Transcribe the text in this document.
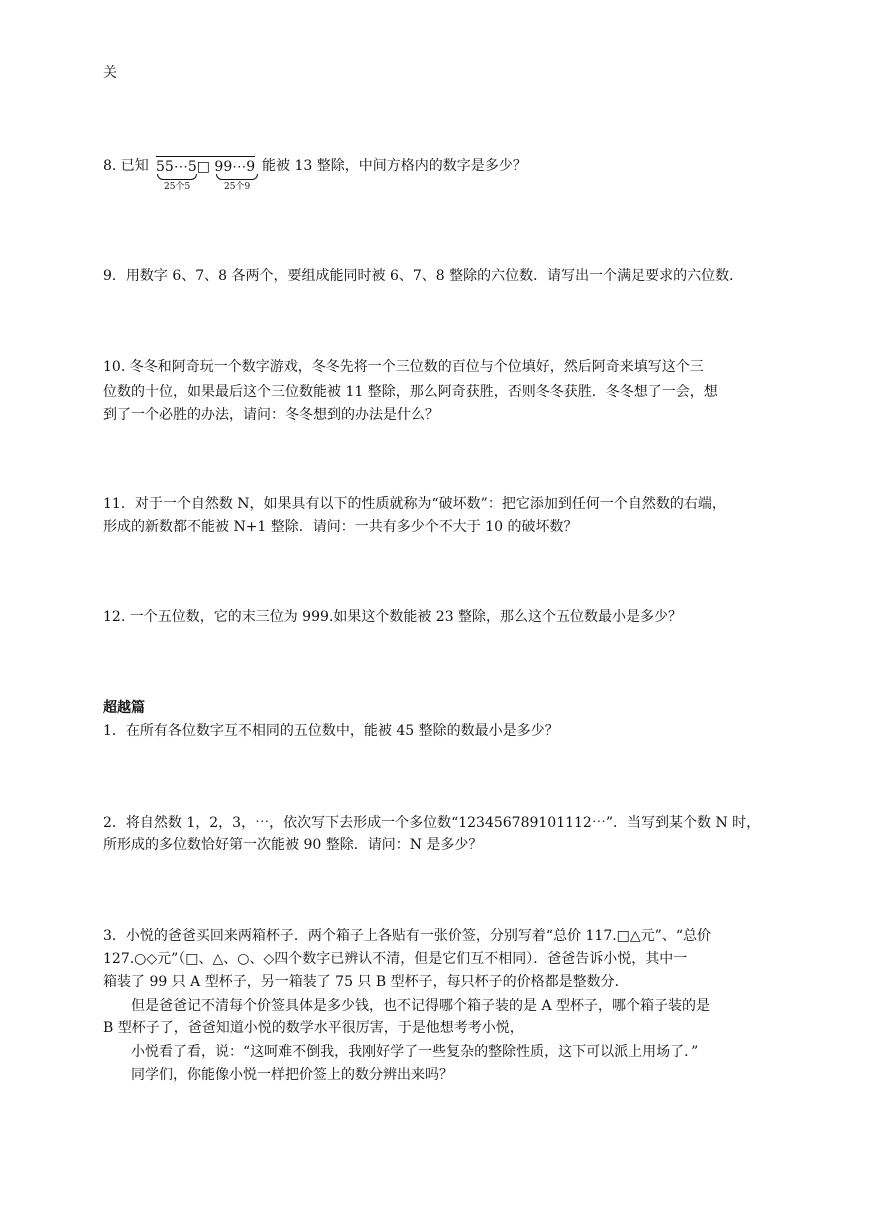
关
8. 已知 55⋯5□ 99⋯9 能被 13 整除，中间方格内的数字是多少？
25个5	25个9
9．用数字 6、7、8 各两个，要组成能同时被 6、7、8 整除的六位数．请写出一个满足要求的六位数．
10. 冬冬和阿奇玩一个数字游戏，冬冬先将一个三位数的百位与个位填好，然后阿奇来填写这个三
位数的十位，如果最后这个三位数能被 11 整除，那么阿奇获胜，否则冬冬获胜．冬冬想了一会，想
到了一个必胜的办法，请问：冬冬想到的办法是什么？
11．对于一个自然数 N，如果具有以下的性质就称为“破坏数”：把它添加到任何一个自然数的右端，
形成的新数都不能被 N+1 整除．请问：一共有多少个不大于 10 的破坏数？
12. 一个五位数，它的末三位为 999.如果这个数能被 23 整除，那么这个五位数最小是多少？
超越篇
1．在所有各位数字互不相同的五位数中，能被 45 整除的数最小是多少？
2．将自然数 1，2，3，⋯，依次写下去形成一个多位数“123456789101112⋯”．当写到某个数 N 时，
所形成的多位数恰好第一次能被 90 整除．请问：N 是多少？
3．小悦的爸爸买回来两箱杯子．两个箱子上各贴有一张价签，分别写着“总价 117.□△元”、“总价
127.○◇元”（□、△、○、◇四个数字已辨认不清，但是它们互不相同）．爸爸告诉小悦，其中一
箱装了 99 只 A 型杯子，另一箱装了 75 只 B 型杯子，每只杯子的价格都是整数分．
但是爸爸记不清每个价签具体是多少钱，也不记得哪个箱子装的是 A 型杯子，哪个箱子装的是
B 型杯子了，爸爸知道小悦的数学水平很厉害，于是他想考考小悦，
小悦看了看，说：“这呵难不倒我，我刚好学了一些复杂的整除性质，这下可以派上用场了．”
同学们，你能像小悦一样把价签上的数分辨出来吗？
